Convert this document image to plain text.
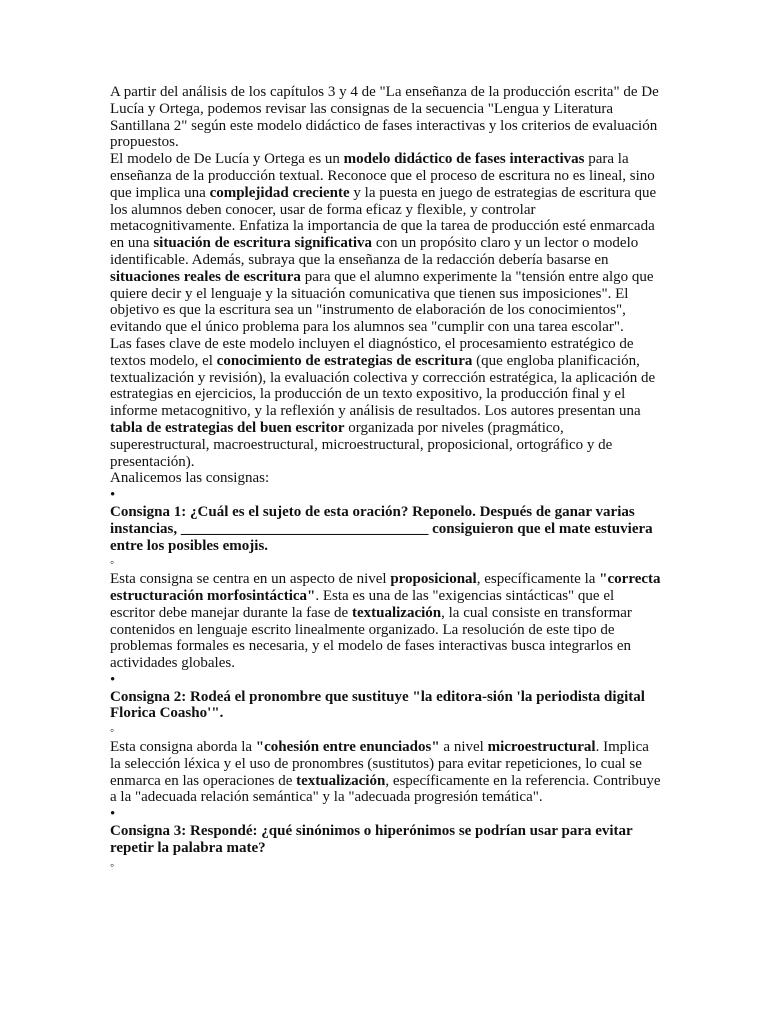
A partir del análisis de los capítulos 3 y 4 de "La enseñanza de la producción escrita" de De Lucía y Ortega, podemos revisar las consignas de la secuencia "Lengua y Literatura Santillana 2" según este modelo didáctico de fases interactivas y los criterios de evaluación propuestos.

El modelo de De Lucía y Ortega es un modelo didáctico de fases interactivas para la enseñanza de la producción textual. Reconoce que el proceso de escritura no es lineal, sino que implica una complejidad creciente y la puesta en juego de estrategias de escritura que los alumnos deben conocer, usar de forma eficaz y flexible, y controlar metacognitivamente. Enfatiza la importancia de que la tarea de producción esté enmarcada en una situación de escritura significativa con un propósito claro y un lector o modelo identificable. Además, subraya que la enseñanza de la redacción debería basarse en situaciones reales de escritura para que el alumno experimente la "tensión entre algo que quiere decir y el lenguaje y la situación comunicativa que tienen sus imposiciones". El objetivo es que la escritura sea un "instrumento de elaboración de los conocimientos", evitando que el único problema para los alumnos sea "cumplir con una tarea escolar".

Las fases clave de este modelo incluyen el diagnóstico, el procesamiento estratégico de textos modelo, el conocimiento de estrategias de escritura (que engloba planificación, textualización y revisión), la evaluación colectiva y corrección estratégica, la aplicación de estrategias en ejercicios, la producción de un texto expositivo, la producción final y el informe metacognitivo, y la reflexión y análisis de resultados. Los autores presentan una tabla de estrategias del buen escritor organizada por niveles (pragmático, superestructural, macroestructural, microestructural, proposicional, ortográfico y de presentación).

Analicemos las consignas:

•

Consigna 1: ¿Cuál es el sujeto de esta oración? Reponelo. Después de ganar varias instancias, _________________________________ consiguieron que el mate estuviera entre los posibles emojis.

◦

Esta consigna se centra en un aspecto de nivel proposicional, específicamente la "correcta estructuración morfosintáctica". Esta es una de las "exigencias sintácticas" que el escritor debe manejar durante la fase de textualización, la cual consiste en transformar contenidos en lenguaje escrito linealmente organizado. La resolución de este tipo de problemas formales es necesaria, y el modelo de fases interactivas busca integrarlos en actividades globales.

•

Consigna 2: Rodeá el pronombre que sustituye "la editora-sión 'la periodista digital Florica Coasho'".

◦

Esta consigna aborda la "cohesión entre enunciados" a nivel microestructural. Implica la selección léxica y el uso de pronombres (sustitutos) para evitar repeticiones, lo cual se enmarca en las operaciones de textualización, específicamente en la referencia. Contribuye a la "adecuada relación semántica" y la "adecuada progresión temática".

•

Consigna 3: Respondé: ¿qué sinónimos o hiperónimos se podrían usar para evitar repetir la palabra mate?

◦
